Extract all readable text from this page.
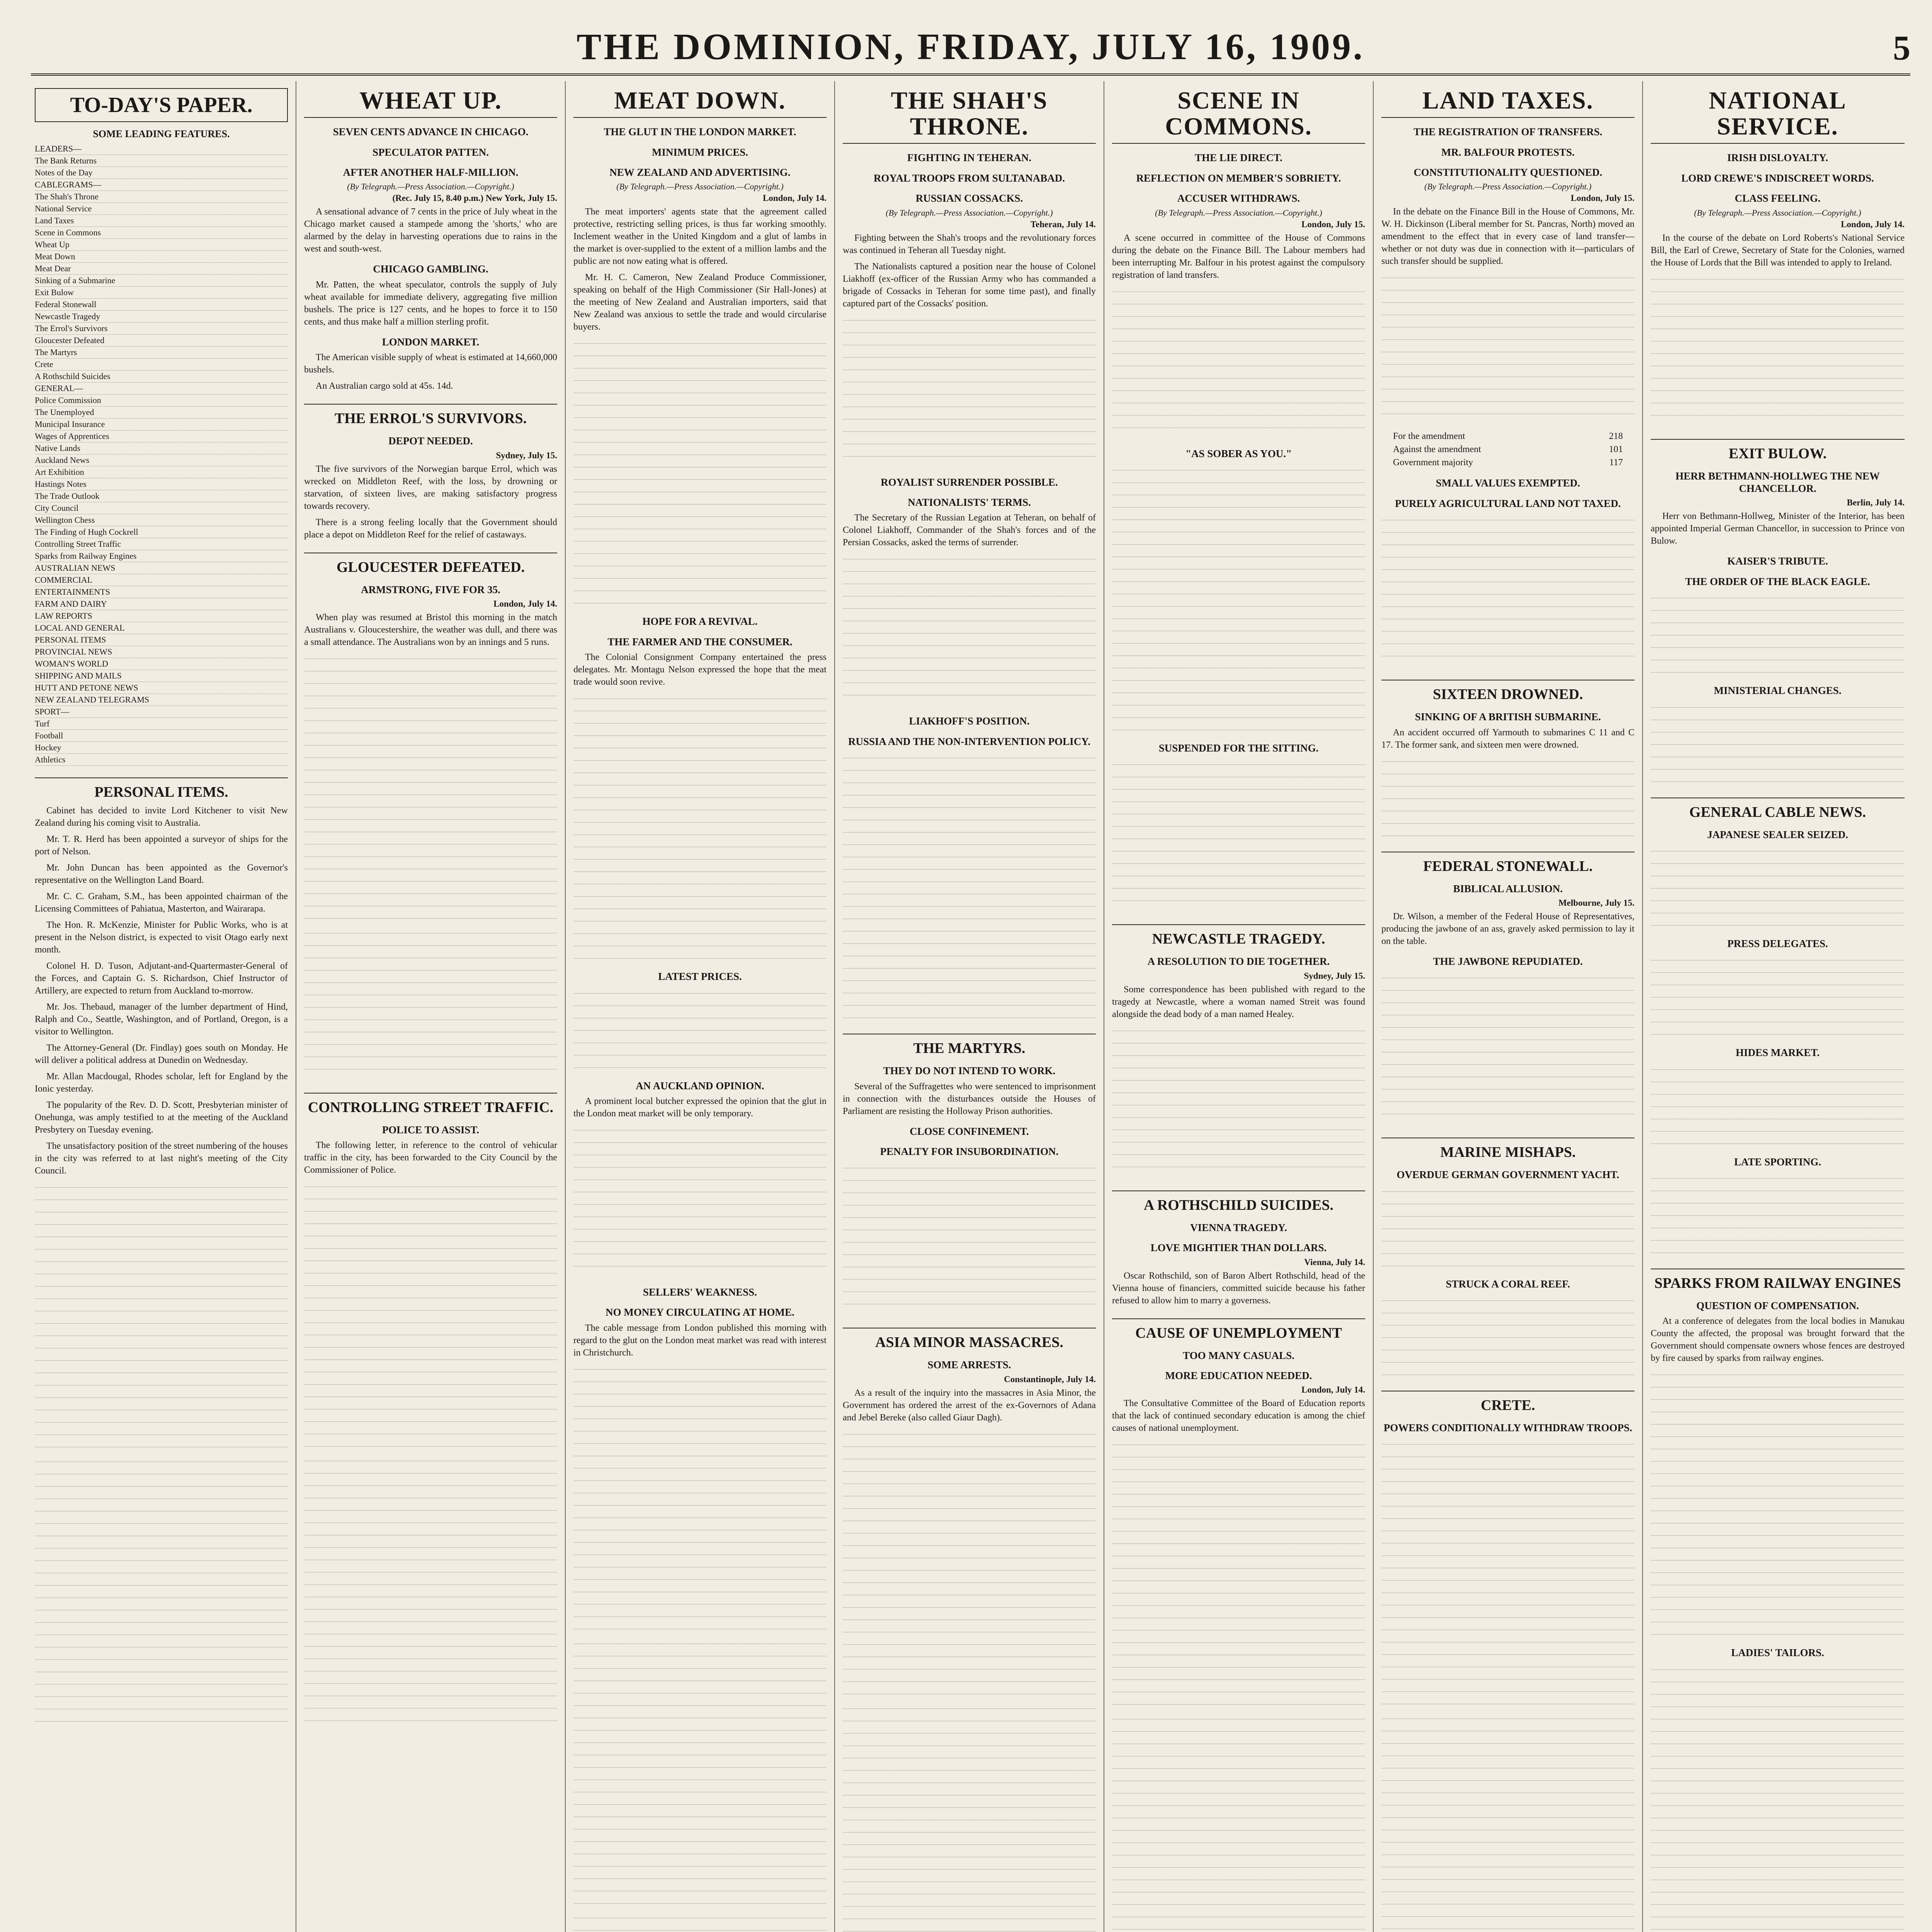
THE DOMINION, FRIDAY, JULY 16, 1909.	5
TO-DAY'S PAPER.
SOME LEADING FEATURES.
LEADERS—
The Bank Returns
Notes of the Day
CABLEGRAMS—
The Shah's Throne
National Service
Land Taxes
Scene in Commons
Wheat Up
Meat Down
Meat Dear
Sinking of a Submarine
Exit Bulow
Federal Stonewall
Newcastle Tragedy
The Errol's Survivors
Gloucester Defeated
The Martyrs
Crete
A Rothschild Suicides
GENERAL—
Police Commission
The Unemployed
Municipal Insurance
Wages of Apprentices
Native Lands
Auckland News
Art Exhibition
Hastings Notes
The Trade Outlook
City Council
Wellington Chess
The Finding of Hugh Cockrell
Controlling Street Traffic
Sparks from Railway Engines
AUSTRALIAN NEWS
COMMERCIAL
ENTERTAINMENTS
FARM AND DAIRY
LAW REPORTS
LOCAL AND GENERAL
PERSONAL ITEMS
PROVINCIAL NEWS
WOMAN'S WORLD
SHIPPING AND MAILS
HUTT AND PETONE NEWS
NEW ZEALAND TELEGRAMS
SPORT—
Turf
Football
Hockey
Athletics
PERSONAL ITEMS.

Cabinet has decided to invite Lord Kitchener to visit New Zealand during his coming visit to Australia.

Mr. T. R. Herd has been appointed a surveyor of ships for the port of Nelson.

Mr. John Duncan has been appointed as the Governor's representative on the Wellington Land Board.

Mr. C. C. Graham, S.M., has been appointed chairman of the Licensing Committees of Pahiatua, Masterton, and Wairarapa.

The Hon. R. McKenzie, Minister for Public Works, who is at present in the Nelson district, is expected to visit Otago early next month.

Colonel H. D. Tuson, Adjutant-and-Quartermaster-General of the Forces, and Captain G. S. Richardson, Chief Instructor of Artillery, are expected to return from Auckland to-morrow.

Mr. Jos. Thebaud, manager of the lumber department of Hind, Ralph and Co., Seattle, Washington, and of Portland, Oregon, is a visitor to Wellington.

The Attorney-General (Dr. Findlay) goes south on Monday. He will deliver a political address at Dunedin on Wednesday.

Mr. Allan Macdougal, Rhodes scholar, left for England by the Ionic yesterday.

The popularity of the Rev. D. D. Scott, Presbyterian minister of Onehunga, was amply testified to at the meeting of the Auckland Presbytery on Tuesday evening.

The unsatisfactory position of the street numbering of the houses in the city was referred to at last night's meeting of the City Council.

WHEAT UP.
SEVEN CENTS ADVANCE IN CHICAGO.
SPECULATOR PATTEN.
AFTER ANOTHER HALF-MILLION.
(By Telegraph.—Press Association.—Copyright.)
(Rec. July 15, 8.40 p.m.) New York, July 15.

A sensational advance of 7 cents in the price of July wheat in the Chicago market caused a stampede among the 'shorts,' who are alarmed by the delay in harvesting operations due to rains in the west and south-west.

CHICAGO GAMBLING.

Mr. Patten, the wheat speculator, controls the supply of July wheat available for immediate delivery, aggregating five million bushels. The price is 127 cents, and he hopes to force it to 150 cents, and thus make half a million sterling profit.

LONDON MARKET.

The American visible supply of wheat is estimated at 14,660,000 bushels.

An Australian cargo sold at 45s. 14d.

THE ERROL'S SURVIVORS.
DEPOT NEEDED.
Sydney, July 15.

The five survivors of the Norwegian barque Errol, which was wrecked on Middleton Reef, with the loss, by drowning or starvation, of sixteen lives, are making satisfactory progress towards recovery.

There is a strong feeling locally that the Government should place a depot on Middleton Reef for the relief of castaways.

GLOUCESTER DEFEATED.
ARMSTRONG, FIVE FOR 35.
London, July 14.

When play was resumed at Bristol this morning in the match Australians v. Gloucestershire, the weather was dull, and there was a small attendance. The Australians won by an innings and 5 runs.

CONTROLLING STREET TRAFFIC.
POLICE TO ASSIST.

The following letter, in reference to the control of vehicular traffic in the city, has been forwarded to the City Council by the Commissioner of Police.

MEAT DOWN.
THE GLUT IN THE LONDON MARKET.
MINIMUM PRICES.
NEW ZEALAND AND ADVERTISING.
(By Telegraph.—Press Association.—Copyright.)
London, July 14.

The meat importers' agents state that the agreement called protective, restricting selling prices, is thus far working smoothly. Inclement weather in the United Kingdom and a glut of lambs in the market is over-supplied to the extent of a million lambs and the public are not now eating what is offered.

Mr. H. C. Cameron, New Zealand Produce Commissioner, speaking on behalf of the High Commissioner (Sir Hall-Jones) at the meeting of New Zealand and Australian importers, said that New Zealand was anxious to settle the trade and would circularise buyers.

HOPE FOR A REVIVAL.
THE FARMER AND THE CONSUMER.

The Colonial Consignment Company entertained the press delegates. Mr. Montagu Nelson expressed the hope that the meat trade would soon revive.

LATEST PRICES.
AN AUCKLAND OPINION.

A prominent local butcher expressed the opinion that the glut in the London meat market will be only temporary.

SELLERS' WEAKNESS.
NO MONEY CIRCULATING AT HOME.

The cable message from London published this morning with regard to the glut on the London meat market was read with interest in Christchurch.

THE SHAH'S THRONE.
FIGHTING IN TEHERAN.
ROYAL TROOPS FROM SULTANABAD.
RUSSIAN COSSACKS.
(By Telegraph.—Press Association.—Copyright.)
Teheran, July 14.

Fighting between the Shah's troops and the revolutionary forces was continued in Teheran all Tuesday night.

The Nationalists captured a position near the house of Colonel Liakhoff (ex-officer of the Russian Army who has commanded a brigade of Cossacks in Teheran for some time past), and finally captured part of the Cossacks' position.

ROYALIST SURRENDER POSSIBLE.
NATIONALISTS' TERMS.

The Secretary of the Russian Legation at Teheran, on behalf of Colonel Liakhoff, Commander of the Shah's forces and of the Persian Cossacks, asked the terms of surrender.

LIAKHOFF'S POSITION.
RUSSIA AND THE NON-INTERVENTION POLICY.
THE MARTYRS.
THEY DO NOT INTEND TO WORK.

Several of the Suffragettes who were sentenced to imprisonment in connection with the disturbances outside the Houses of Parliament are resisting the Holloway Prison authorities.

CLOSE CONFINEMENT.
PENALTY FOR INSUBORDINATION.
ASIA MINOR MASSACRES.
SOME ARRESTS.
Constantinople, July 14.

As a result of the inquiry into the massacres in Asia Minor, the Government has ordered the arrest of the ex-Governors of Adana and Jebel Bereke (also called Giaur Dagh).

SCENE IN COMMONS.
THE LIE DIRECT.
REFLECTION ON MEMBER'S SOBRIETY.
ACCUSER WITHDRAWS.
(By Telegraph.—Press Association.—Copyright.)
London, July 15.

A scene occurred in committee of the House of Commons during the debate on the Finance Bill. The Labour members had been interrupting Mr. Balfour in his protest against the compulsory registration of land transfers.

"AS SOBER AS YOU."
SUSPENDED FOR THE SITTING.
NEWCASTLE TRAGEDY.
A RESOLUTION TO DIE TOGETHER.
Sydney, July 15.

Some correspondence has been published with regard to the tragedy at Newcastle, where a woman named Streit was found alongside the dead body of a man named Healey.

A ROTHSCHILD SUICIDES.
VIENNA TRAGEDY.
LOVE MIGHTIER THAN DOLLARS.
Vienna, July 14.

Oscar Rothschild, son of Baron Albert Rothschild, head of the Vienna house of financiers, committed suicide because his father refused to allow him to marry a governess.

CAUSE OF UNEMPLOYMENT
TOO MANY CASUALS.
MORE EDUCATION NEEDED.
London, July 14.

The Consultative Committee of the Board of Education reports that the lack of continued secondary education is among the chief causes of national unemployment.

LAND TAXES.
THE REGISTRATION OF TRANSFERS.
MR. BALFOUR PROTESTS.
CONSTITUTIONALITY QUESTIONED.
(By Telegraph.—Press Association.—Copyright.)
London, July 15.

In the debate on the Finance Bill in the House of Commons, Mr. W. H. Dickinson (Liberal member for St. Pancras, North) moved an amendment to the effect that in every case of land transfer—whether or not duty was due in connection with it—particulars of such transfer should be supplied.

For the amendment	218
Against the amendment	101
Government majority	117
SMALL VALUES EXEMPTED.
PURELY AGRICULTURAL LAND NOT TAXED.
SIXTEEN DROWNED.
SINKING OF A BRITISH SUBMARINE.

An accident occurred off Yarmouth to submarines C 11 and C 17. The former sank, and sixteen men were drowned.

FEDERAL STONEWALL.
BIBLICAL ALLUSION.
Melbourne, July 15.

Dr. Wilson, a member of the Federal House of Representatives, producing the jawbone of an ass, gravely asked permission to lay it on the table.

THE JAWBONE REPUDIATED.
MARINE MISHAPS.
OVERDUE GERMAN GOVERNMENT YACHT.
STRUCK A CORAL REEF.
CRETE.
POWERS CONDITIONALLY WITHDRAW TROOPS.
NATIONAL SERVICE.
IRISH DISLOYALTY.
LORD CREWE'S INDISCREET WORDS.
CLASS FEELING.
(By Telegraph.—Press Association.—Copyright.)
London, July 14.

In the course of the debate on Lord Roberts's National Service Bill, the Earl of Crewe, Secretary of State for the Colonies, warned the House of Lords that the Bill was intended to apply to Ireland.

EXIT BULOW.
HERR BETHMANN-HOLLWEG THE NEW CHANCELLOR.
Berlin, July 14.

Herr von Bethmann-Hollweg, Minister of the Interior, has been appointed Imperial German Chancellor, in succession to Prince von Bulow.

KAISER'S TRIBUTE.
THE ORDER OF THE BLACK EAGLE.
MINISTERIAL CHANGES.
GENERAL CABLE NEWS.
JAPANESE SEALER SEIZED.
PRESS DELEGATES.
HIDES MARKET.
LATE SPORTING.
SPARKS FROM RAILWAY ENGINES
QUESTION OF COMPENSATION.

At a conference of delegates from the local bodies in Manukau County the affected, the proposal was brought forward that the Government should compensate owners whose fences are destroyed by fire caused by sparks from railway engines.

LADIES' TAILORS.
